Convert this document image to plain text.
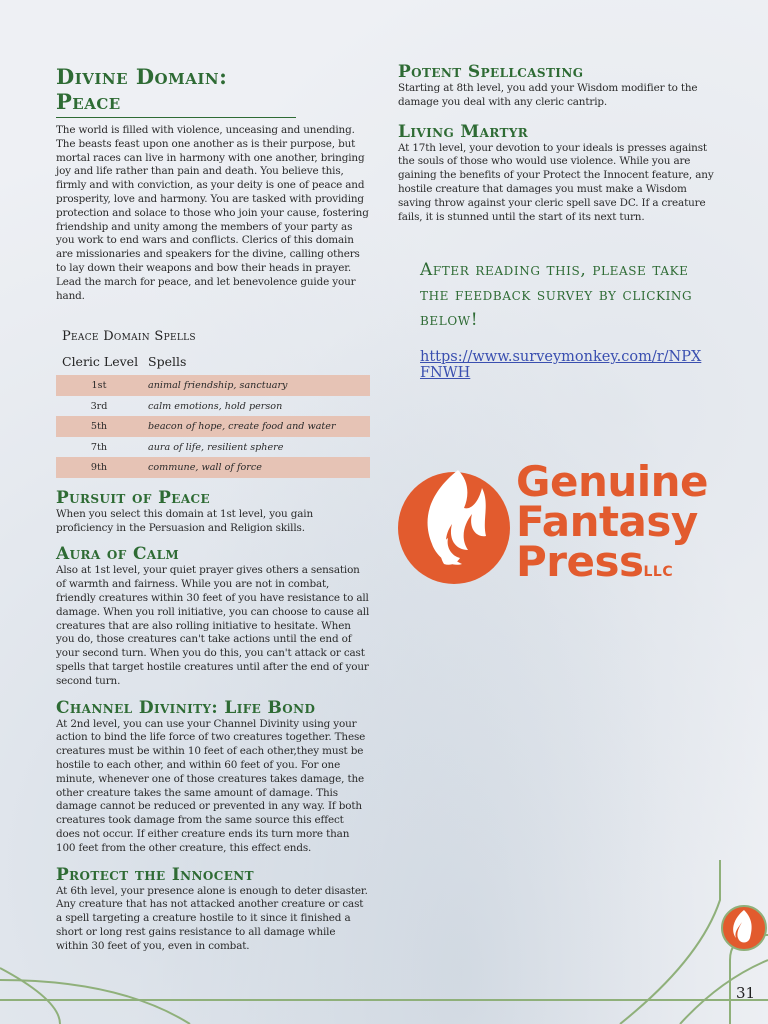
Divine Domain: Peace

The world is filled with violence, unceasing and unending. The beasts feast upon one another as is their purpose, but mortal races can live in harmony with one another, bringing joy and life rather than pain and death. You believe this, firmly and with conviction, as your deity is one of peace and prosperity, love and harmony. You are tasked with providing protection and solace to those who join your cause, fostering friendship and unity among the members of your party as you work to end wars and conflicts. Clerics of this domain are missionaries and speakers for the divine, calling others to lay down their weapons and bow their heads in prayer. Lead the march for peace, and let benevolence guide your hand.

Peace Domain Spells
Cleric Level	Spells
1st	animal friendship, sanctuary
3rd	calm emotions, hold person
5th	beacon of hope, create food and water
7th	aura of life, resilient sphere
9th	commune, wall of force
Pursuit of Peace

When you select this domain at 1st level, you gain proficiency in the Persuasion and Religion skills.

Aura of Calm

Also at 1st level, your quiet prayer gives others a sensation of warmth and fairness. While you are not in combat, friendly creatures within 30 feet of you have resistance to all damage. When you roll initiative, you can choose to cause all creatures that are also rolling initiative to hesitate. When you do, those creatures can't take actions until the end of your second turn. When you do this, you can't attack or cast spells that target hostile creatures until after the end of your second turn.

Channel Divinity: Life Bond

At 2nd level, you can use your Channel Divinity using your action to bind the life force of two creatures together. These creatures must be within 10 feet of each other,they must be hostile to each other, and within 60 feet of you. For one minute, whenever one of those creatures takes damage, the other creature takes the same amount of damage. This damage cannot be reduced or prevented in any way. If both creatures took damage from the same source this effect does not occur. If either creature ends its turn more than 100 feet from the other creature, this effect ends.

Protect the Innocent

At 6th level, your presence alone is enough to deter disaster. Any creature that has not attacked another creature or cast a spell targeting a creature hostile to it since it finished a short or long rest gains resistance to all damage while within 30 feet of you, even in combat.

Potent Spellcasting

Starting at 8th level, you add your Wisdom modifier to the damage you deal with any cleric cantrip.

Living Martyr

At 17th level, your devotion to your ideals is presses against the souls of those who would use violence. While you are gaining the benefits of your Protect the Innocent feature, any hostile creature that damages you must make a Wisdom saving throw against your cleric spell save DC. If a creature fails, it is stunned until the start of its next turn.

After reading this, please take the feedback survey by clicking below!

https://www.surveymonkey.com/r/NPXFNWH
Genuine
Fantasy
PressLLC
31
